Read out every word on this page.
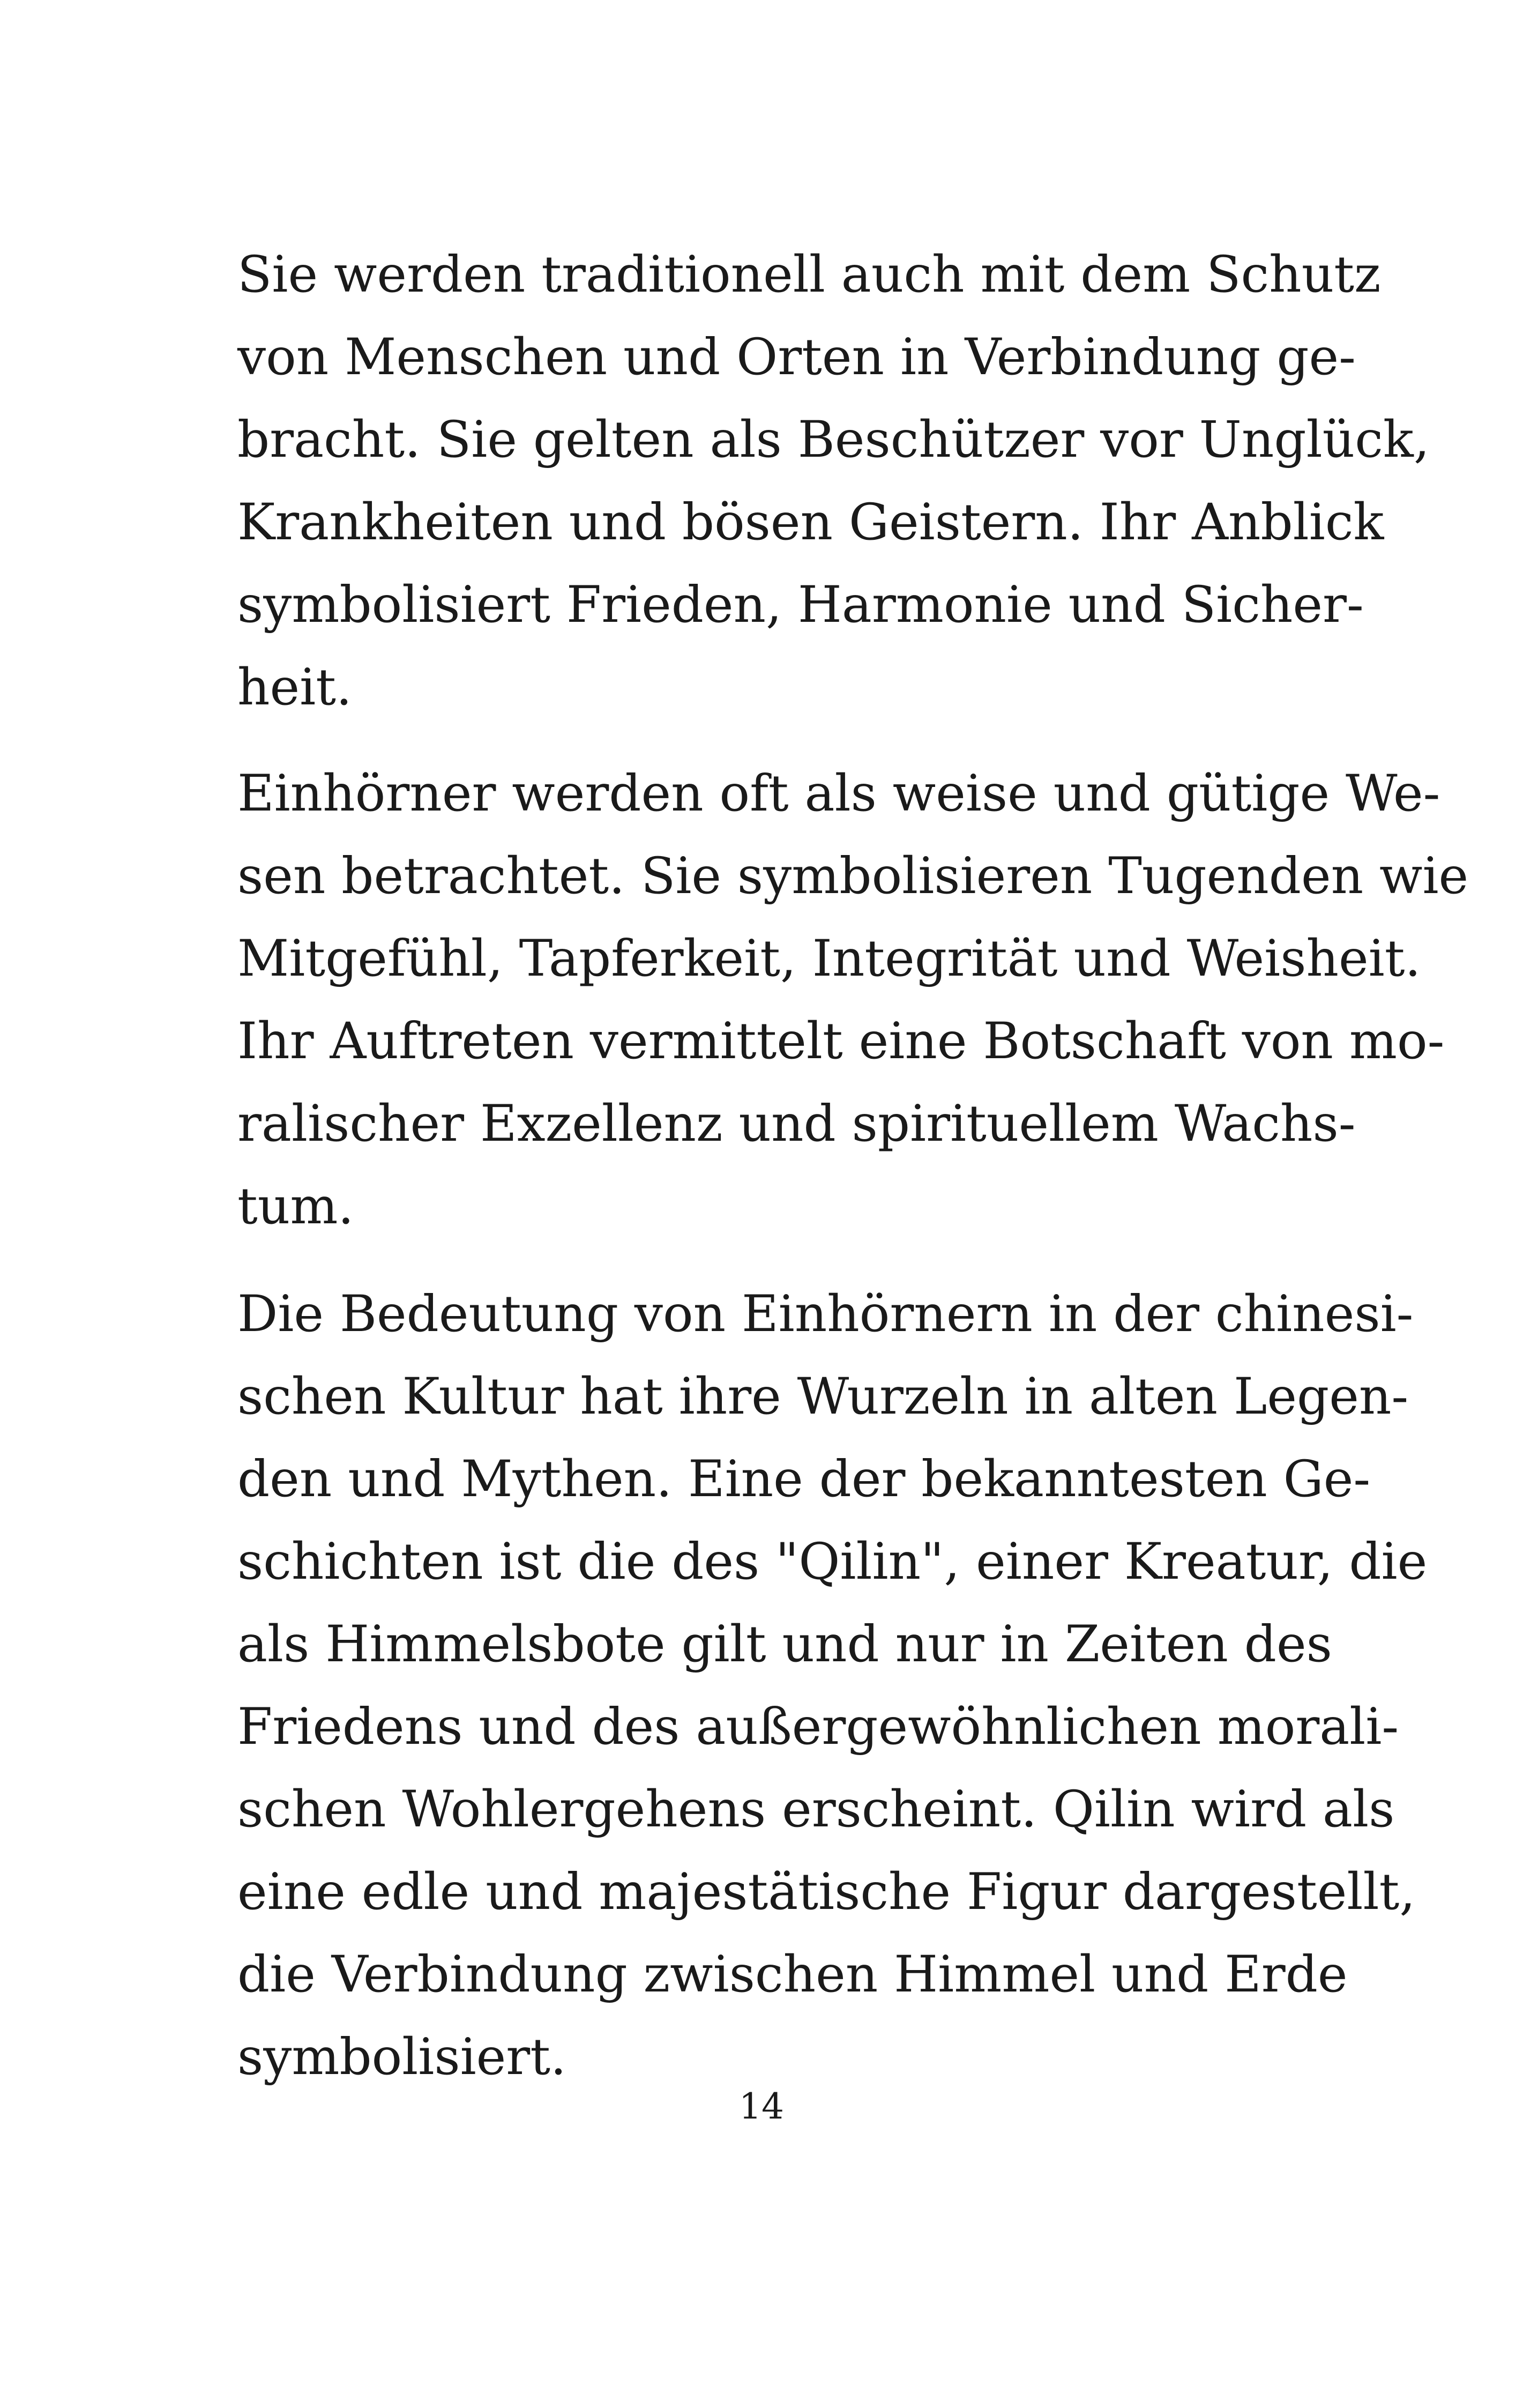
Sie werden traditionell auch mit dem Schutz
von Menschen und Orten in Verbindung ge-
bracht. Sie gelten als Beschützer vor Unglück,
Krankheiten und bösen Geistern. Ihr Anblick
symbolisiert Frieden, Harmonie und Sicher-
heit.
Einhörner werden oft als weise und gütige We-
sen betrachtet. Sie symbolisieren Tugenden wie
Mitgefühl, Tapferkeit, Integrität und Weisheit.
Ihr Auftreten vermittelt eine Botschaft von mo-
ralischer Exzellenz und spirituellem Wachs-
tum.
Die Bedeutung von Einhörnern in der chinesi-
schen Kultur hat ihre Wurzeln in alten Legen-
den und Mythen. Eine der bekanntesten Ge-
schichten ist die des "Qilin", einer Kreatur, die
als Himmelsbote gilt und nur in Zeiten des
Friedens und des außergewöhnlichen morali-
schen Wohlergehens erscheint. Qilin wird als
eine edle und majestätische Figur dargestellt,
die Verbindung zwischen Himmel und Erde
symbolisiert.
14
